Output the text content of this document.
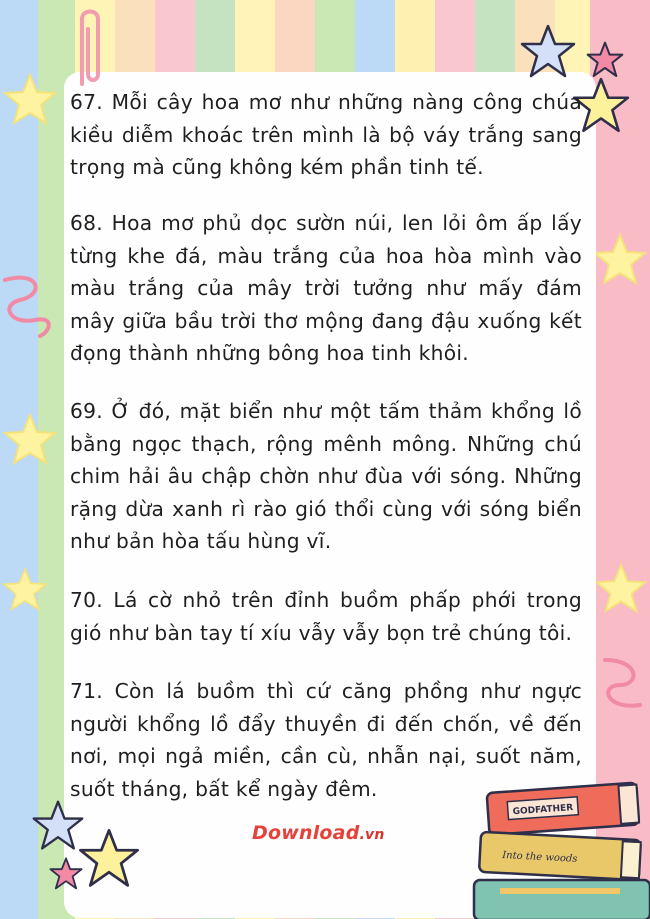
GODFATHER
Into the woods

67. Mỗi cây hoa mơ như những nàng công chúa kiều diễm khoác trên mình là bộ váy trắng sang trọng mà cũng không kém phần tinh tế.

68. Hoa mơ phủ dọc sườn núi, len lỏi ôm ấp lấy từng khe đá, màu trắng của hoa hòa mình vào màu trắng của mây trời tưởng như mấy đám mây giữa bầu trời thơ mộng đang đậu xuống kết đọng thành những bông hoa tinh khôi.

69. Ở đó, mặt biển như một tấm thảm khổng lồ bằng ngọc thạch, rộng mênh mông. Những chú chim hải âu chập chờn như đùa với sóng. Những rặng dừa xanh rì rào gió thổi cùng với sóng biển như bản hòa tấu hùng vĩ.

70. Lá cờ nhỏ trên đỉnh buồm phấp phới trong gió như bàn tay tí xíu vẫy vẫy bọn trẻ chúng tôi.

71. Còn lá buồm thì cứ căng phồng như ngực người khổng lồ đẩy thuyền đi đến chốn, về đến nơi, mọi ngả miền, cần cù, nhẫn nại, suốt năm, suốt tháng, bất kể ngày đêm.

Download.vn
